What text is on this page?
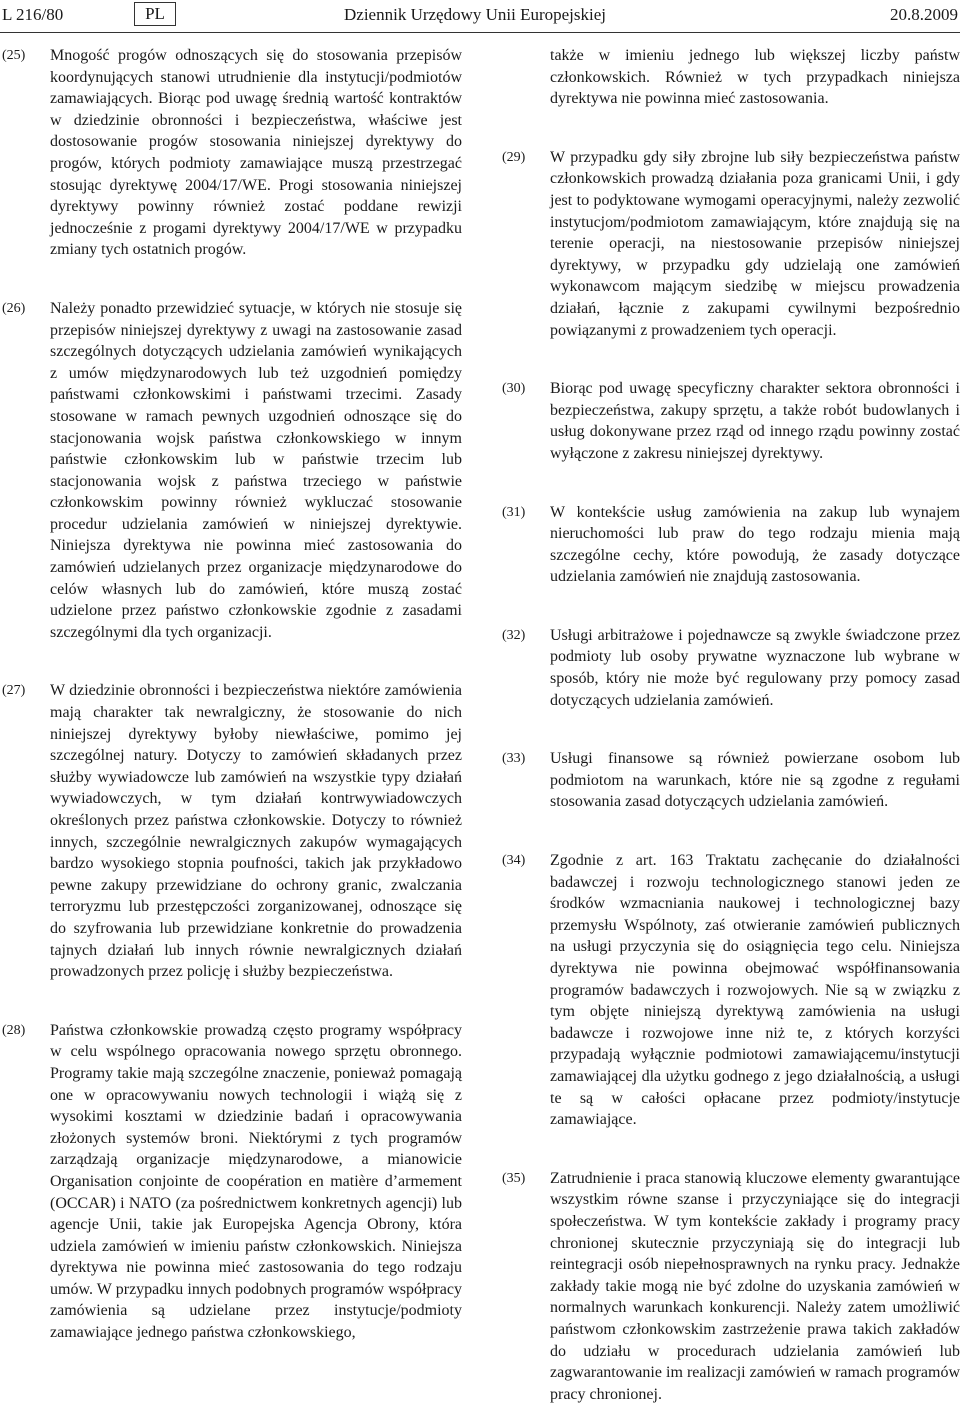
L 216/80	PL	Dziennik Urzędowy Unii Europejskiej	20.8.2009
(25) Mnogość progów odnoszących się do stosowania przepisów koordynujących stanowi utrudnienie dla instytucji/podmiotów zamawiających. Biorąc pod uwagę średnią wartość kontraktów w dziedzinie obronności i bezpieczeństwa, właściwe jest dostosowanie progów stosowania niniejszej dyrektywy do progów, których podmioty zamawiające muszą przestrzegać stosując dyrektywę 2004/17/WE. Progi stosowania niniejszej dyrektywy powinny również zostać poddane rewizji jednocześnie z progami dyrektywy 2004/17/WE w przypadku zmiany tych ostatnich progów.
(26) Należy ponadto przewidzieć sytuacje, w których nie stosuje się przepisów niniejszej dyrektywy z uwagi na zastosowanie zasad szczególnych dotyczących udzielania zamówień wynikających z umów międzynarodowych lub też uzgodnień pomiędzy państwami członkowskimi i państwami trzecimi. Zasady stosowane w ramach pewnych uzgodnień odnoszące się do stacjonowania wojsk państwa członkowskiego w innym państwie członkowskim lub w państwie trzecim lub stacjonowania wojsk z państwa trzeciego w państwie członkowskim powinny również wykluczać stosowanie procedur udzielania zamówień w niniejszej dyrektywie. Niniejsza dyrektywa nie powinna mieć zastosowania do zamówień udzielanych przez organizacje międzynarodowe do celów własnych lub do zamówień, które muszą zostać udzielone przez państwo członkowskie zgodnie z zasadami szczególnymi dla tych organizacji.
(27) W dziedzinie obronności i bezpieczeństwa niektóre zamówienia mają charakter tak newralgiczny, że stosowanie do nich niniejszej dyrektywy byłoby niewłaściwe, pomimo jej szczególnej natury. Dotyczy to zamówień składanych przez służby wywiadowcze lub zamówień na wszystkie typy działań wywiadowczych, w tym działań kontrwywiadowczych określonych przez państwa członkowskie. Dotyczy to również innych, szczególnie newralgicznych zakupów wymagających bardzo wysokiego stopnia poufności, takich jak przykładowo pewne zakupy przewidziane do ochrony granic, zwalczania terroryzmu lub przestępczości zorganizowanej, odnoszące się do szyfrowania lub przewidziane konkretnie do prowadzenia tajnych działań lub innych równie newralgicznych działań prowadzonych przez policję i służby bezpieczeństwa.
(28) Państwa członkowskie prowadzą często programy współpracy w celu wspólnego opracowania nowego sprzętu obronnego. Programy takie mają szczególne znaczenie, ponieważ pomagają one w opracowywaniu nowych technologii i wiążą się z wysokimi kosztami w dziedzinie badań i opracowywania złożonych systemów broni. Niektórymi z tych programów zarządzają organizacje międzynarodowe, a mianowicie Organisation conjointe de coopération en matière d’armement (OCCAR) i NATO (za pośrednictwem konkretnych agencji) lub agencje Unii, takie jak Europejska Agencja Obrony, która udziela zamówień w imieniu państw członkowskich. Niniejsza dyrektywa nie powinna mieć zastosowania do tego rodzaju umów. W przypadku innych podobnych programów współpracy zamówienia są udzielane przez instytucje/podmioty zamawiające jednego państwa członkowskiego,
także w imieniu jednego lub większej liczby państw członkowskich. Również w tych przypadkach niniejsza dyrektywa nie powinna mieć zastosowania.
(29) W przypadku gdy siły zbrojne lub siły bezpieczeństwa państw członkowskich prowadzą działania poza granicami Unii, i gdy jest to podyktowane wymogami operacyjnymi, należy zezwolić instytucjom/podmiotom zamawiającym, które znajdują się na terenie operacji, na niestosowanie przepisów niniejszej dyrektywy, w przypadku gdy udzielają one zamówień wykonawcom mającym siedzibę w miejscu prowadzenia działań, łącznie z zakupami cywilnymi bezpośrednio powiązanymi z prowadzeniem tych operacji.
(30) Biorąc pod uwagę specyficzny charakter sektora obronności i bezpieczeństwa, zakupy sprzętu, a także robót budowlanych i usług dokonywane przez rząd od innego rządu powinny zostać wyłączone z zakresu niniejszej dyrektywy.
(31) W kontekście usług zamówienia na zakup lub wynajem nieruchomości lub praw do tego rodzaju mienia mają szczególne cechy, które powodują, że zasady dotyczące udzielania zamówień nie znajdują zastosowania.
(32) Usługi arbitrażowe i pojednawcze są zwykle świadczone przez podmioty lub osoby prywatne wyznaczone lub wybrane w sposób, który nie może być regulowany przy pomocy zasad dotyczących udzielania zamówień.
(33) Usługi finansowe są również powierzane osobom lub podmiotom na warunkach, które nie są zgodne z regułami stosowania zasad dotyczących udzielania zamówień.
(34) Zgodnie z art. 163 Traktatu zachęcanie do działalności badawczej i rozwoju technologicznego stanowi jeden ze środków wzmacniania naukowej i technologicznej bazy przemysłu Wspólnoty, zaś otwieranie zamówień publicznych na usługi przyczynia się do osiągnięcia tego celu. Niniejsza dyrektywa nie powinna obejmować współfinansowania programów badawczych i rozwojowych. Nie są w związku z tym objęte niniejszą dyrektywą zamówienia na usługi badawcze i rozwojowe inne niż te, z których korzyści przypadają wyłącznie podmiotowi zamawiającemu/instytucji zamawiającej dla użytku godnego z jego działalnością, a usługi te są w całości opłacane przez podmioty/instytucje zamawiające.
(35) Zatrudnienie i praca stanowią kluczowe elementy gwarantujące wszystkim równe szanse i przyczyniające się do integracji społeczeństwa. W tym kontekście zakłady i programy pracy chronionej skutecznie przyczyniają się do integracji lub reintegracji osób niepełnosprawnych na rynku pracy. Jednakże zakłady takie mogą nie być zdolne do uzyskania zamówień w normalnych warunkach konkurencji. Należy zatem umożliwić państwom członkowskim zastrzeżenie prawa takich zakładów do udziału w procedurach udzielania zamówień lub zagwarantowanie im realizacji zamówień w ramach programów pracy chronionej.
